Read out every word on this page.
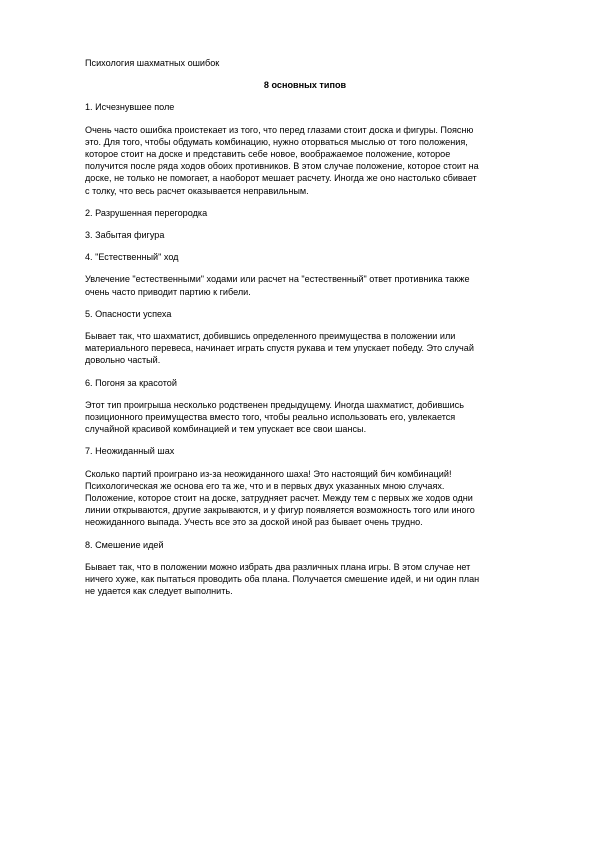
Психология шахматных ошибок
8 основных типов
1. Исчезнувшее поле
Очень часто ошибка проистекает из того, что перед глазами стоит доска и фигуры. Поясню
это. Для того, чтобы обдумать комбинацию, нужно оторваться мыслью от того положения,
которое стоит на доске и представить себе новое, воображаемое положение, которое
получится после ряда ходов обоих противников. В этом случае положение, которое стоит на
доске, не только не помогает, а наоборот мешает расчету. Иногда же оно настолько сбивает
с толку, что весь расчет оказывается неправильным.
2. Разрушенная перегородка
3. Забытая фигура
4. "Естественный" ход
Увлечение "естественными" ходами или расчет на "естественный" ответ противника также
очень часто приводит партию к гибели.
5. Опасности успеха
Бывает так, что шахматист, добившись определенного преимущества в положении или
материального перевеса, начинает играть спустя рукава и тем упускает победу. Это случай
довольно частый.
6. Погоня за красотой
Этот тип проигрыша несколько родственен предыдущему. Иногда шахматист, добившись
позиционного преимущества вместо того, чтобы реально использовать его, увлекается
случайной красивой комбинацией и тем упускает все свои шансы.
7. Неожиданный шах
Сколько партий проиграно из-за неожиданного шаха! Это настоящий бич комбинаций!
Психологическая же основа его та же, что и в первых двух указанных мною случаях.
Положение, которое стоит на доске, затрудняет расчет. Между тем с первых же ходов одни
линии открываются, другие закрываются, и у фигур появляется возможность того или иного
неожиданного выпада. Учесть все это за доской иной раз бывает очень трудно.
8. Смешение идей
Бывает так, что в положении можно избрать два различных плана игры. В этом случае нет
ничего хуже, как пытаться проводить оба плана. Получается смешение идей, и ни один план
не удается как следует выполнить.
